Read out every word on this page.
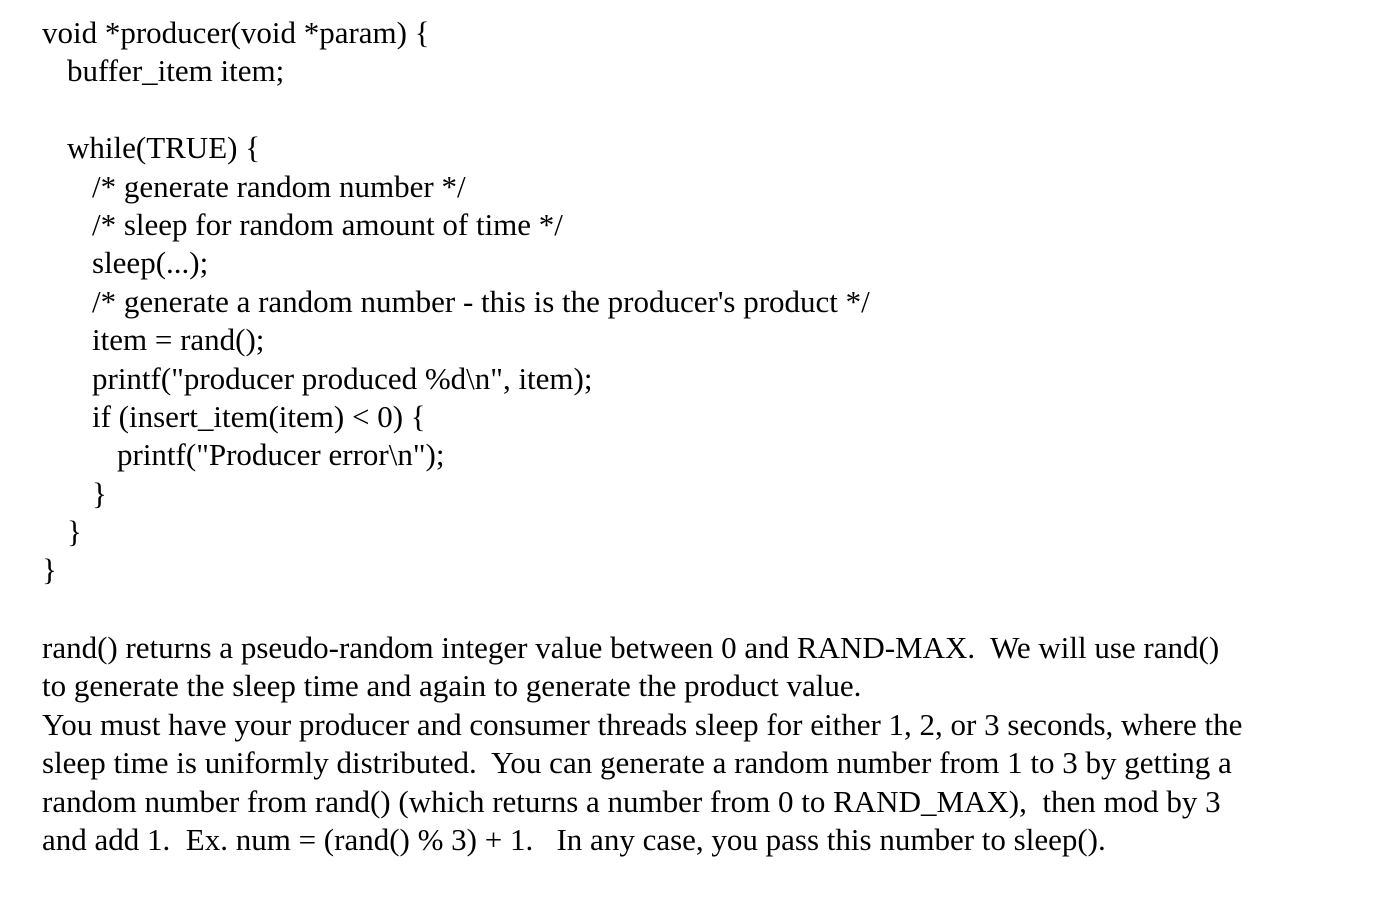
void *producer(void *param) {
buffer_item item;
while(TRUE) {
/* generate random number */
/* sleep for random amount of time */
sleep(...);
/* generate a random number - this is the producer's product */
item = rand();
printf("producer produced %d\n", item);
if (insert_item(item) < 0) {
printf("Producer error\n");
}
}
}
rand() returns a pseudo-random integer value between 0 and RAND-MAX.  We will use rand()
to generate the sleep time and again to generate the product value.
You must have your producer and consumer threads sleep for either 1, 2, or 3 seconds, where the
sleep time is uniformly distributed.  You can generate a random number from 1 to 3 by getting a
random number from rand() (which returns a number from 0 to RAND_MAX),  then mod by 3
and add 1.  Ex. num = (rand() % 3) + 1.   In any case, you pass this number to sleep().
